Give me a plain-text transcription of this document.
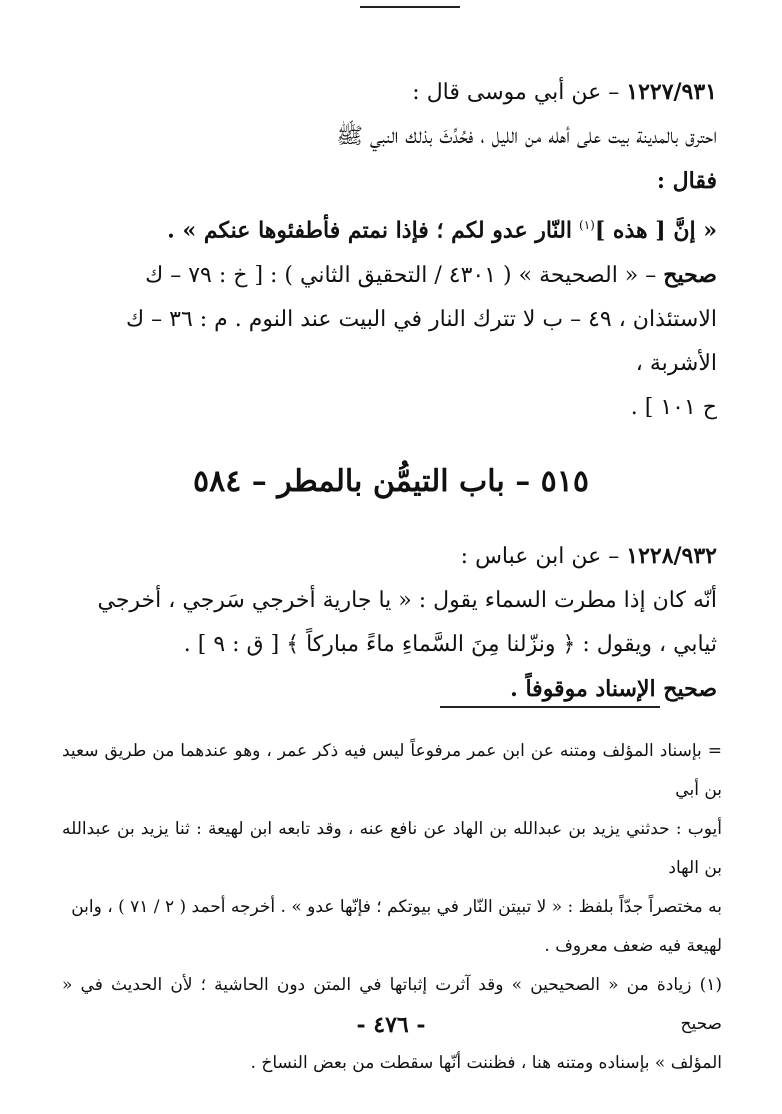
١٢٢٧/٩٣١ – عن أبي موسى قال :

احترق بالمدينة بيت على أهله من الليل ، فحُدِّثَ بذلك النبي ﷺ

فقال :

« إنَّ [ هذه ]$^{(١)}$ النّار عدو لكم ؛ فإذا نمتم فأطفئوها عنكم » .

صحيح – « الصحيحة » ( ٤٣٠١ / التحقيق الثاني ) : [ خ : ٧٩ – ك

الاستئذان ، ٤٩ – ب لا تترك النار في البيت عند النوم . م : ٣٦ – ك الأشربة ،

ح ١٠١ ] .

٥١٥ – باب التيمُّن بالمطر – ٥٨٤

١٢٢٨/٩٣٢ – عن ابن عباس :

أنّه كان إذا مطرت السماء يقول : « يا جارية أخرجي سَرجي ، أخرجي

ثيابي ، ويقول : ﴿ ونزّلنا مِنَ السَّماءِ ماءً مباركاً ﴾ [ ق : ٩ ] .

صحيح الإسناد موقوفاً .

= بإسناد المؤلف ومتنه عن ابن عمر مرفوعاً ليس فيه ذكر عمر ، وهو عندهما من طريق سعيد بن أبي

أيوب : حدثني يزيد بن عبدالله بن الهاد عن نافع عنه ، وقد تابعه ابن لهيعة : ثنا يزيد بن عبدالله بن الهاد

به مختصراً جدّاً بلفظ : « لا تبيتن النّار في بيوتكم ؛ فإنّها عدو » . أخرجه أحمد ( ٢ / ٧١ ) ، وابن

لهيعة فيه ضعف معروف .

(١) زيادة من « الصحيحين » وقد آثرت إثباتها في المتن دون الحاشية ؛ لأن الحديث في « صحيح

المؤلف » بإسناده ومتنه هنا ، فظننت أنّها سقطت من بعض النساخ .

- ٤٧٦ -
